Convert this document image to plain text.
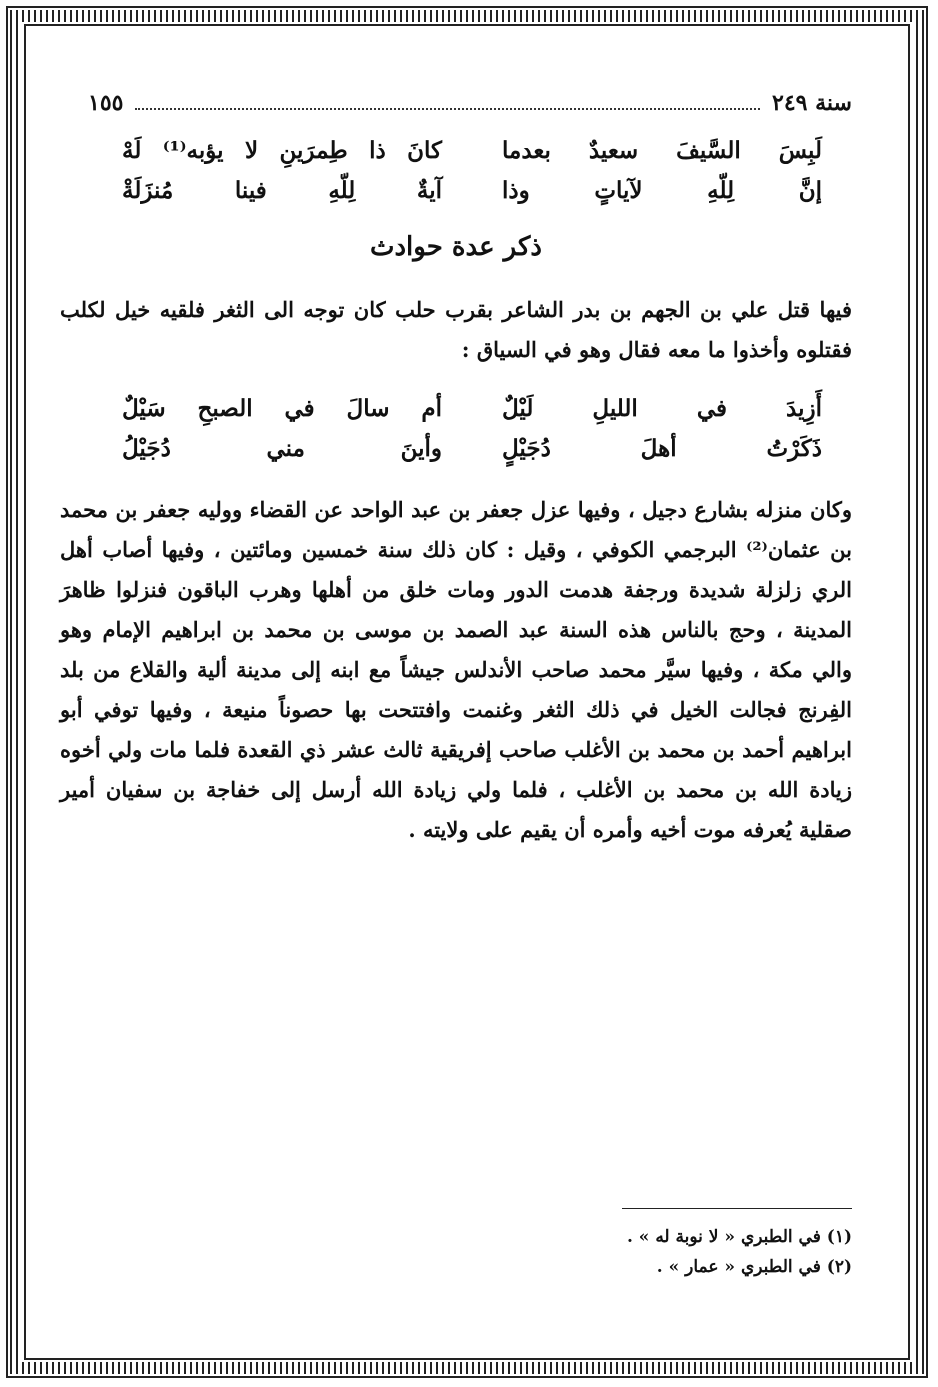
سنة ٢٤٩
١٥٥
لَبِسَ السَّيفَ سعيدٌ بعدما
كانَ ذا طِمرَينِ لا يؤبه⁽¹⁾ لَهْ
إنَّ لِلّهِ لآياتٍ وذا
آيةٌ لِلّهِ فينا مُنزَلَةْ
ذكر عدة حوادث

فيها قتل علي بن الجهم بن بدر الشاعر بقرب حلب كان توجه الى الثغر فلقيه خيل لكلب فقتلوه وأخذوا ما معه فقال وهو في السياق :

أَزِيدَ في الليلِ لَيْلٌ
أم سالَ في الصبحِ سَيْلٌ
ذَكَرْتُ أهلَ دُجَيْلٍ
وأينَ مني دُجَيْلُ

وكان منزله بشارع دجيل ، وفيها عزل جعفر بن عبد الواحد عن القضاء ووليه جعفر بن محمد بن عثمان⁽²⁾ البرجمي الكوفي ، وقيل : كان ذلك سنة خمسين ومائتين ، وفيها أصاب أهل الري زلزلة شديدة ورجفة هدمت الدور ومات خلق من أهلها وهرب الباقون فنزلوا ظاهرَ المدينة ، وحج بالناس هذه السنة عبد الصمد بن موسى بن محمد بن ابراهيم الإمام وهو والي مكة ، وفيها سيَّر محمد صاحب الأندلس جيشاً مع ابنه إلى مدينة ألية والقلاع من بلد الفِرنج فجالت الخيل في ذلك الثغر وغنمت وافتتحت بها حصوناً منيعة ، وفيها توفي أبو ابراهيم أحمد بن محمد بن الأغلب صاحب إفريقية ثالث عشر ذي القعدة فلما مات ولي أخوه زيادة الله بن محمد بن الأغلب ، فلما ولي زيادة الله أرسل إلى خفاجة بن سفيان أمير صقلية يُعرفه موت أخيه وأمره أن يقيم على ولايته .

(١) في الطبري « لا نوبة له » .
(٢) في الطبري « عمار » .
